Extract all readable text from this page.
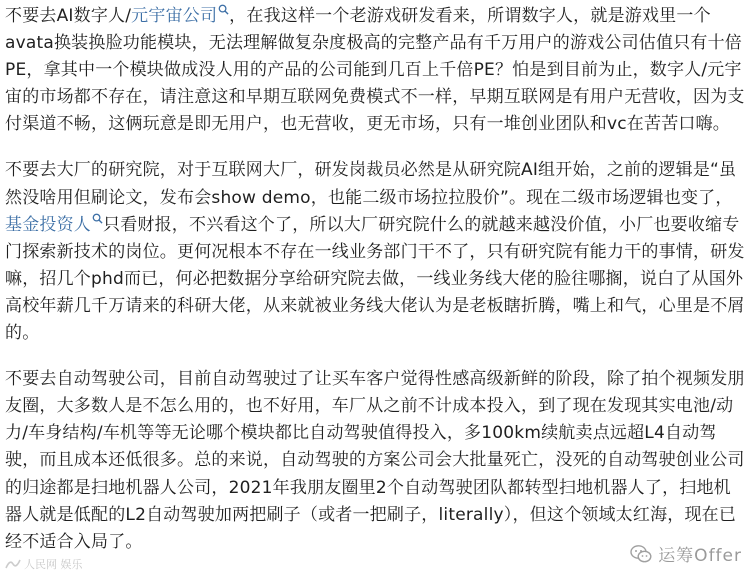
不要去AI数字人/元宇宙公司 ，在我这样一个老游戏研发看来，所谓数字人，就是游戏里一个avata换装换脸功能模块，无法理解做复杂度极高的完整产品有千万用户的游戏公司估值只有十倍PE，拿其中一个模块做成没人用的产品的公司能到几百上千倍PE？怕是到目前为止，数字人/元宇宙的市场都不存在，请注意这和早期互联网免费模式不一样，早期互联网是有用户无营收，因为支付渠道不畅，这俩玩意是即无用户，也无营收，更无市场，只有一堆创业团队和vc在苦苦口嗨。

不要去大厂的研究院，对于互联网大厂，研发岗裁员必然是从研究院AI组开始，之前的逻辑是“虽然没啥用但刷论文，发布会show demo，也能二级市场拉拉股价”。现在二级市场逻辑也变了，基金投资人 只看财报，不兴看这个了，所以大厂研究院什么的就越来越没价值，小厂也要收缩专门探索新技术的岗位。更何况根本不存在一线业务部门干不了，只有研究院有能力干的事情，研发嘛，招几个phd而已，何必把数据分享给研究院去做，一线业务线大佬的脸往哪搁，说白了从国外高校年薪几千万请来的科研大佬，从来就被业务线大佬认为是老板瞎折腾，嘴上和气，心里是不屑的。

不要去自动驾驶公司，目前自动驾驶过了让买车客户觉得性感高级新鲜的阶段，除了拍个视频发朋友圈，大多数人是不怎么用的，也不好用，车厂从之前不计成本投入，到了现在发现其实电池/动力/车身结构/车机等等无论哪个模块都比自动驾驶值得投入，多100km续航卖点远超L4自动驾驶，而且成本还低很多。总的来说，自动驾驶的方案公司会大批量死亡，没死的自动驾驶创业公司的归途都是扫地机器人公司，2021年我朋友圈里2个自动驾驶团队都转型扫地机器人了，扫地机器人就是低配的L2自动驾驶加两把刷子（或者一把刷子，literally），但这个领域太红海，现在已经不适合入局了。

人民网 娱乐	运筹Offer
